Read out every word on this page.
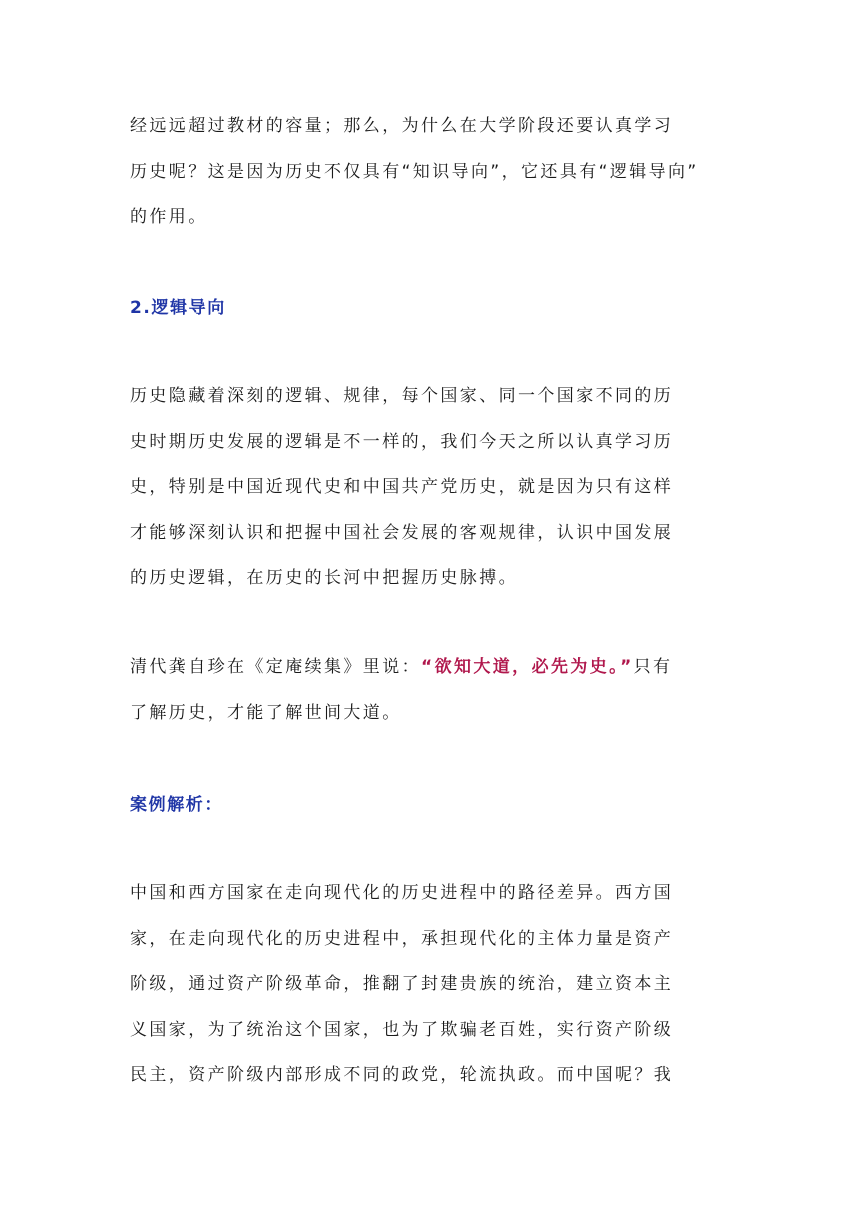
经远远超过教材的容量；那么，为什么在大学阶段还要认真学习
历史呢？这是因为历史不仅具有“知识导向”，它还具有“逻辑导向”
的作用。
2.逻辑导向
历史隐藏着深刻的逻辑、规律，每个国家、同一个国家不同的历
史时期历史发展的逻辑是不一样的，我们今天之所以认真学习历
史，特别是中国近现代史和中国共产党历史，就是因为只有这样
才能够深刻认识和把握中国社会发展的客观规律，认识中国发展
的历史逻辑，在历史的长河中把握历史脉搏。
清代龚自珍在《定庵续集》里说：“欲知大道，必先为史。”只有
了解历史，才能了解世间大道。
案例解析：
中国和西方国家在走向现代化的历史进程中的路径差异。西方国
家，在走向现代化的历史进程中，承担现代化的主体力量是资产
阶级，通过资产阶级革命，推翻了封建贵族的统治，建立资本主
义国家，为了统治这个国家，也为了欺骗老百姓，实行资产阶级
民主，资产阶级内部形成不同的政党，轮流执政。而中国呢？我
